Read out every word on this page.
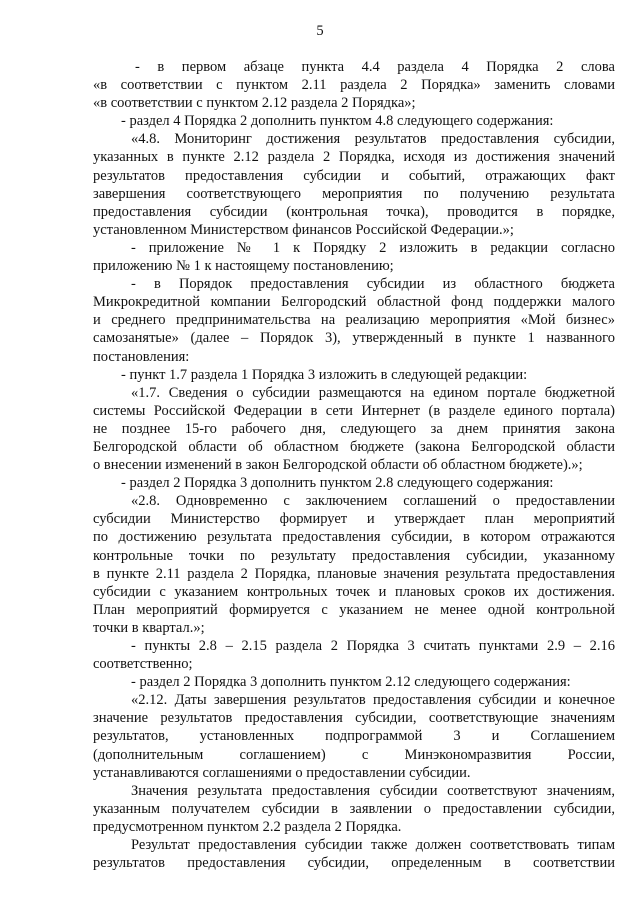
5
- в первом абзаце пункта 4.4 раздела 4 Порядка 2 слова
«в соответствии с пунктом 2.11 раздела 2 Порядка» заменить словами
«в соответствии с пунктом 2.12 раздела 2 Порядка»;
- раздел 4 Порядка 2 дополнить пунктом 4.8 следующего содержания:
«4.8. Мониторинг достижения результатов предоставления субсидии,
указанных в пункте 2.12 раздела 2 Порядка, исходя из достижения значений
результатов предоставления субсидии и событий, отражающих факт
завершения соответствующего мероприятия по получению результата
предоставления субсидии (контрольная точка), проводится в порядке,
установленном Министерством финансов Российской Федерации.»;
- приложение № 1 к Порядку 2 изложить в редакции согласно
приложению № 1 к настоящему постановлению;
- в Порядок предоставления субсидии из областного бюджета
Микрокредитной компании Белгородский областной фонд поддержки малого
и среднего предпринимательства на реализацию мероприятия «Мой бизнес»
самозанятые» (далее – Порядок 3), утвержденный в пункте 1 названного
постановления:
- пункт 1.7 раздела 1 Порядка 3 изложить в следующей редакции:
«1.7. Сведения о субсидии размещаются на едином портале бюджетной
системы Российской Федерации в сети Интернет (в разделе единого портала)
не позднее 15-го рабочего дня, следующего за днем принятия закона
Белгородской области об областном бюджете (закона Белгородской области
о внесении изменений в закон Белгородской области об областном бюджете).»;
- раздел 2 Порядка 3 дополнить пунктом 2.8 следующего содержания:
«2.8. Одновременно с заключением соглашений о предоставлении
субсидии Министерство формирует и утверждает план мероприятий
по достижению результата предоставления субсидии, в котором отражаются
контрольные точки по результату предоставления субсидии, указанному
в пункте 2.11 раздела 2 Порядка, плановые значения результата предоставления
субсидии с указанием контрольных точек и плановых сроков их достижения.
План мероприятий формируется с указанием не менее одной контрольной
точки в квартал.»;
- пункты 2.8 – 2.15 раздела 2 Порядка 3 считать пунктами 2.9 – 2.16
соответственно;
- раздел 2 Порядка 3 дополнить пунктом 2.12 следующего содержания:
«2.12. Даты завершения результатов предоставления субсидии и конечное
значение результатов предоставления субсидии, соответствующие значениям
результатов, установленных подпрограммой 3 и Соглашением
(дополнительным соглашением) с Минэкономразвития России,
устанавливаются соглашениями о предоставлении субсидии.
Значения результата предоставления субсидии соответствуют значениям,
указанным получателем субсидии в заявлении о предоставлении субсидии,
предусмотренном пунктом 2.2 раздела 2 Порядка.
Результат предоставления субсидии также должен соответствовать типам
результатов предоставления субсидии, определенным в соответствии
